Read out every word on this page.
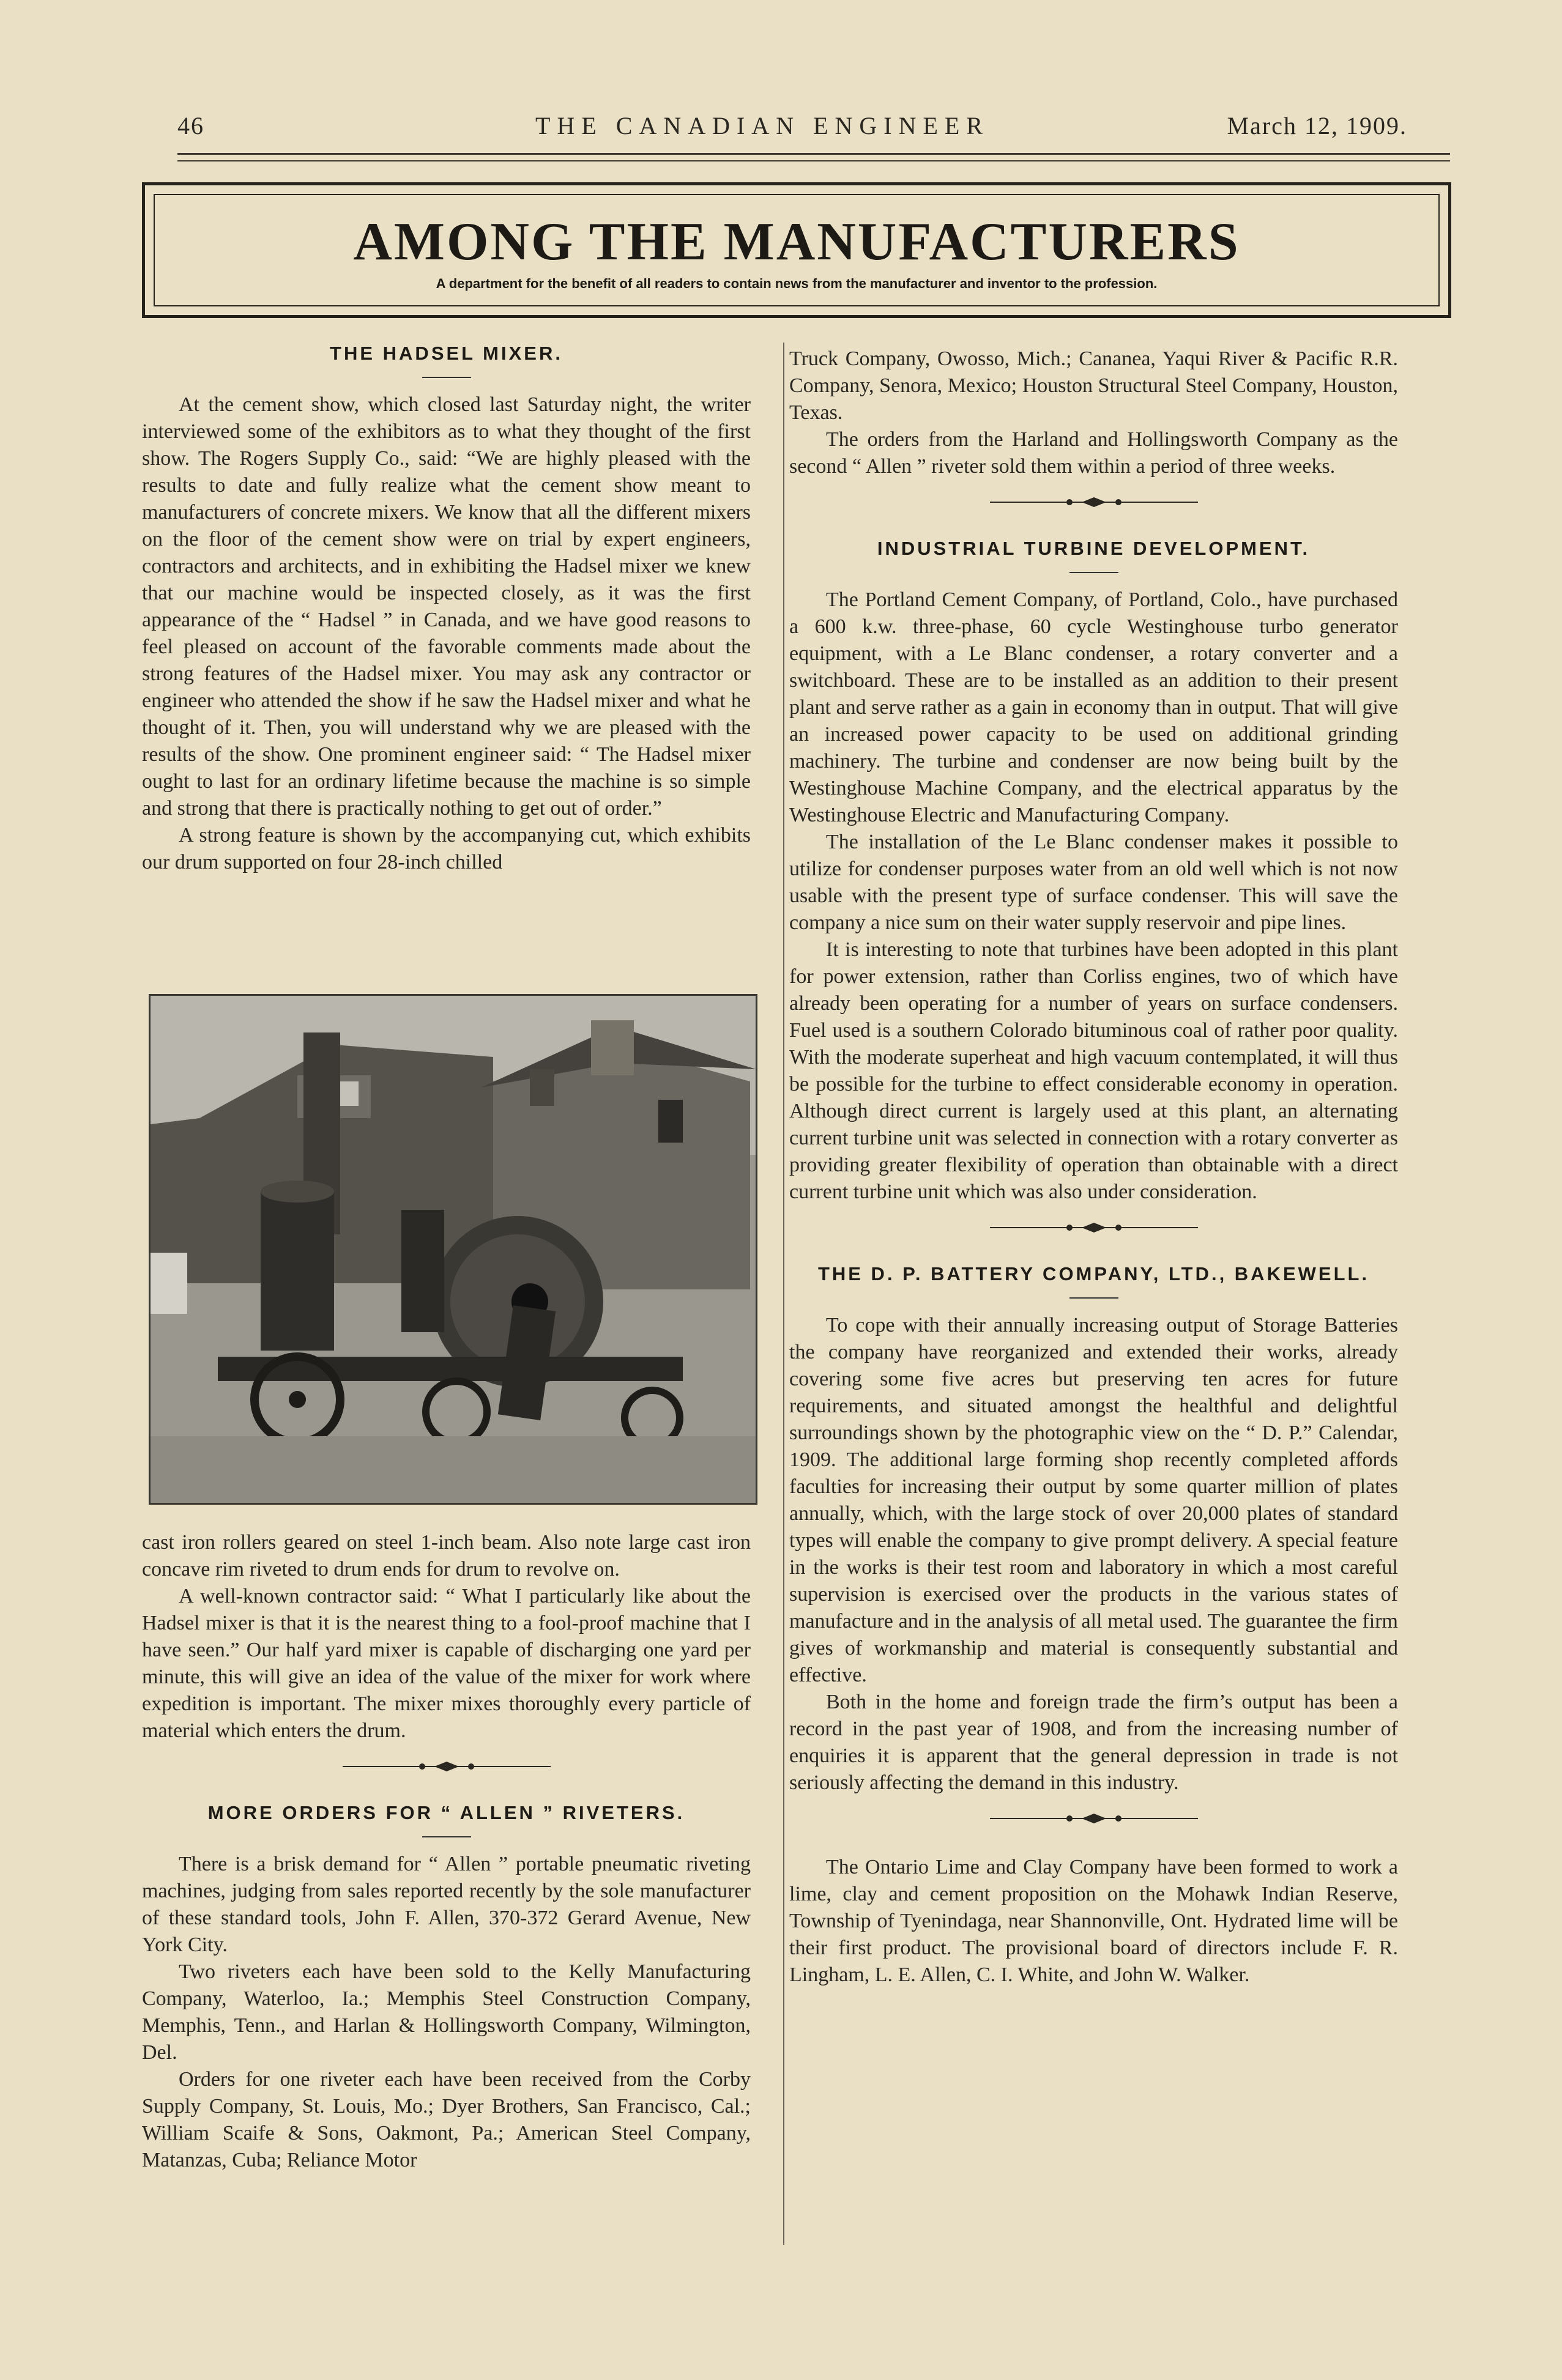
46	THE CANADIAN ENGINEER	March 12, 1909.
AMONG THE MANUFACTURERS
A department for the benefit of all readers to contain news from the manufacturer and inventor to the profession.
THE HADSEL MIXER.

At the cement show, which closed last Saturday night, the writer interviewed some of the exhibitors as to what they thought of the first show. The Rogers Supply Co., said: “We are highly pleased with the results to date and fully realize what the cement show meant to manufacturers of concrete mixers. We know that all the different mixers on the floor of the cement show were on trial by expert engineers, contractors and architects, and in exhibiting the Hadsel mixer we knew that our machine would be inspected closely, as it was the first appearance of the “ Hadsel ” in Canada, and we have good reasons to feel pleased on account of the favorable comments made about the strong features of the Hadsel mixer. You may ask any contractor or engineer who attended the show if he saw the Hadsel mixer and what he thought of it. Then, you will understand why we are pleased with the results of the show. One prominent engineer said: “ The Hadsel mixer ought to last for an ordinary lifetime because the machine is so simple and strong that there is practically nothing to get out of order.”

A strong feature is shown by the accompanying cut, which exhibits our drum supported on four 28-inch chilled

cast iron rollers geared on steel 1-inch beam. Also note large cast iron concave rim riveted to drum ends for drum to revolve on.

A well-known contractor said: “ What I particularly like about the Hadsel mixer is that it is the nearest thing to a fool-proof machine that I have seen.” Our half yard mixer is capable of discharging one yard per minute, this will give an idea of the value of the mixer for work where expedition is important. The mixer mixes thoroughly every particle of material which enters the drum.

MORE ORDERS FOR “ ALLEN ” RIVETERS.

There is a brisk demand for “ Allen ” portable pneumatic riveting machines, judging from sales reported recently by the sole manufacturer of these standard tools, John F. Allen, 370-372 Gerard Avenue, New York City.

Two riveters each have been sold to the Kelly Manufacturing Company, Waterloo, Ia.; Memphis Steel Construction Company, Memphis, Tenn., and Harlan & Hollingsworth Company, Wilmington, Del.

Orders for one riveter each have been received from the Corby Supply Company, St. Louis, Mo.; Dyer Brothers, San Francisco, Cal.; William Scaife & Sons, Oakmont, Pa.; American Steel Company, Matanzas, Cuba; Reliance Motor

Truck Company, Owosso, Mich.; Cananea, Yaqui River & Pacific R.R. Company, Senora, Mexico; Houston Structural Steel Company, Houston, Texas.

The orders from the Harland and Hollingsworth Company as the second “ Allen ” riveter sold them within a period of three weeks.

INDUSTRIAL TURBINE DEVELOPMENT.

The Portland Cement Company, of Portland, Colo., have purchased a 600 k.w. three-phase, 60 cycle Westinghouse turbo generator equipment, with a Le Blanc condenser, a rotary converter and a switchboard. These are to be installed as an addition to their present plant and serve rather as a gain in economy than in output. That will give an increased power capacity to be used on additional grinding machinery. The turbine and condenser are now being built by the Westinghouse Machine Company, and the electrical apparatus by the Westinghouse Electric and Manufacturing Company.

The installation of the Le Blanc condenser makes it possible to utilize for condenser purposes water from an old well which is not now usable with the present type of surface condenser. This will save the company a nice sum on their water supply reservoir and pipe lines.

It is interesting to note that turbines have been adopted in this plant for power extension, rather than Corliss engines, two of which have already been operating for a number of years on surface condensers. Fuel used is a southern Colorado bituminous coal of rather poor quality. With the moderate superheat and high vacuum contemplated, it will thus be possible for the turbine to effect considerable economy in operation. Although direct current is largely used at this plant, an alternating current turbine unit was selected in connection with a rotary converter as providing greater flexibility of operation than obtainable with a direct current turbine unit which was also under consideration.

THE D. P. BATTERY COMPANY, LTD., BAKEWELL.

To cope with their annually increasing output of Storage Batteries the company have reorganized and extended their works, already covering some five acres but preserving ten acres for future requirements, and situated amongst the healthful and delightful surroundings shown by the photographic view on the “ D. P.” Calendar, 1909. The additional large forming shop recently completed affords faculties for increasing their output by some quarter million of plates annually, which, with the large stock of over 20,000 plates of standard types will enable the company to give prompt delivery. A special feature in the works is their test room and laboratory in which a most careful supervision is exercised over the products in the various states of manufacture and in the analysis of all metal used. The guarantee the firm gives of workmanship and material is consequently substantial and effective.

Both in the home and foreign trade the firm’s output has been a record in the past year of 1908, and from the increasing number of enquiries it is apparent that the general depression in trade is not seriously affecting the demand in this industry.

The Ontario Lime and Clay Company have been formed to work a lime, clay and cement proposition on the Mohawk Indian Reserve, Township of Tyenindaga, near Shannonville, Ont. Hydrated lime will be their first product. The provisional board of directors include F. R. Lingham, L. E. Allen, C. I. White, and John W. Walker.
